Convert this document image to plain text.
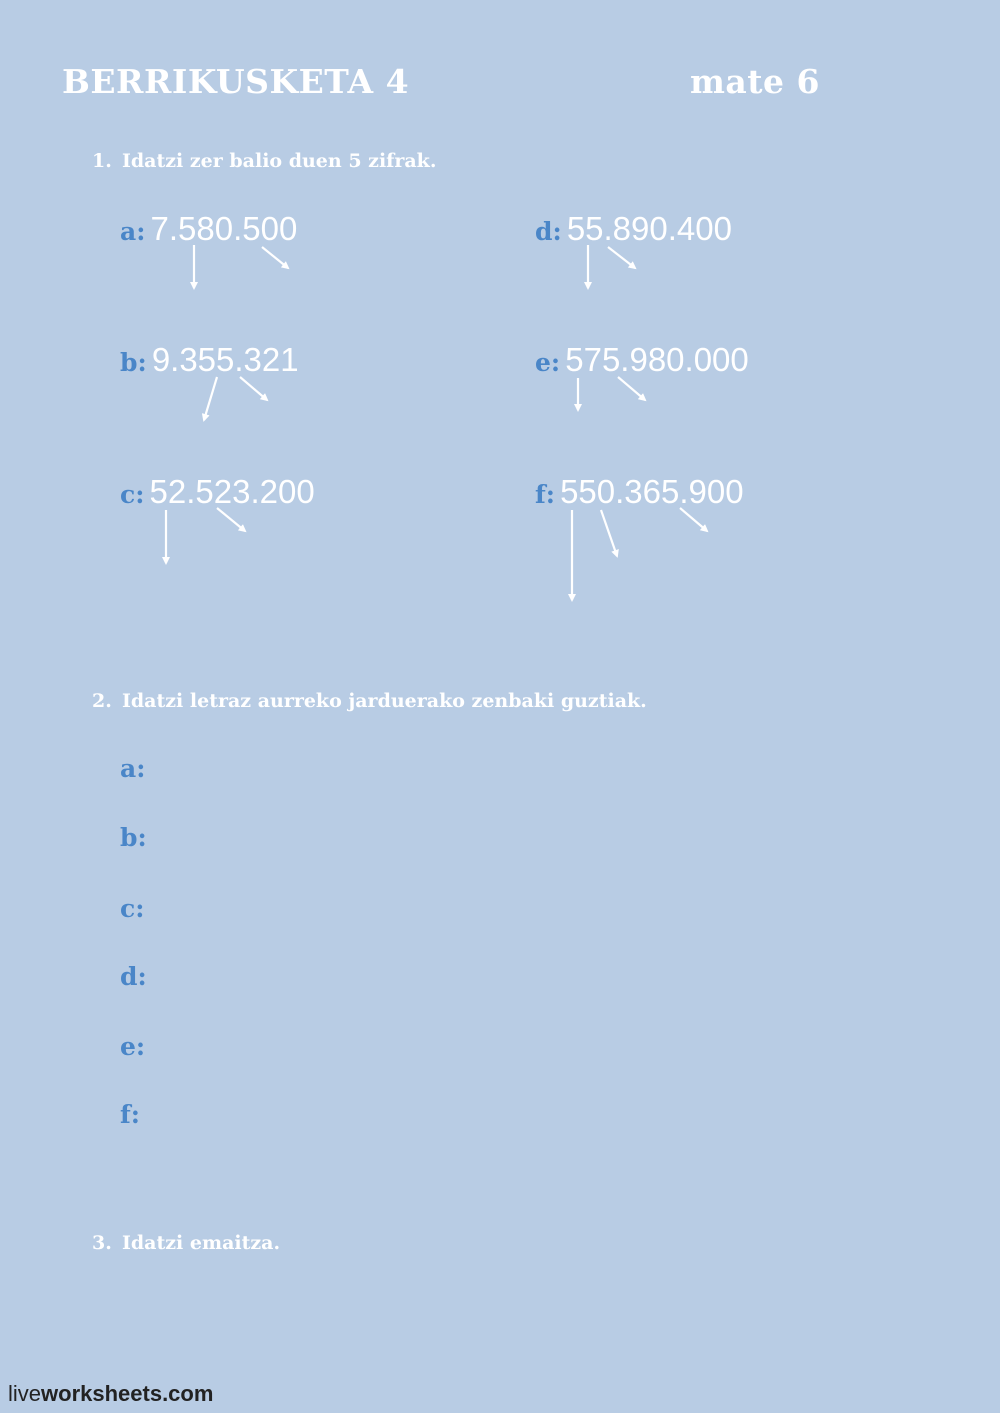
BERRIKUSKETA 4	mate 6
1. Idatzi zer balio duen 5 zifrak.
a: 7.580.500	d: 55.890.400
b: 9.355.321	e: 575.980.000
c: 52.523.200	f: 550.365.900
2. Idatzi letraz aurreko jarduerako zenbaki guztiak.
a:
b:
c:
d:
e:
f:
3. Idatzi emaitza.
liveworksheets.com
